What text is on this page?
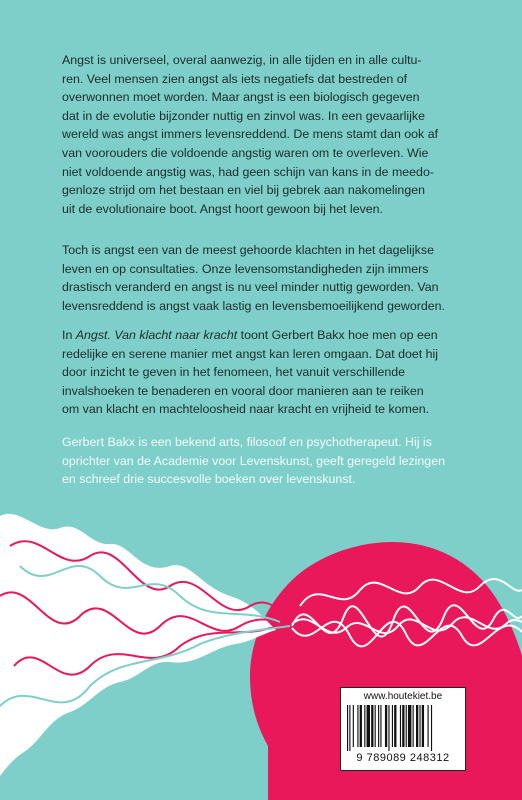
Angst is universeel, overal aanwezig, in alle tijden en in alle cultu-
ren. Veel mensen zien angst als iets negatiefs dat bestreden of
overwonnen moet worden. Maar angst is een biologisch gegeven
dat in de evolutie bijzonder nuttig en zinvol was. In een gevaarlijke
wereld was angst immers levensreddend. De mens stamt dan ook af
van voorouders die voldoende angstig waren om te overleven. Wie
niet voldoende angstig was, had geen schijn van kans in de meedo-
genloze strijd om het bestaan en viel bij gebrek aan nakomelingen
uit de evolutionaire boot. Angst hoort gewoon bij het leven.
Toch is angst een van de meest gehoorde klachten in het dagelijkse
leven en op consultaties. Onze levensomstandigheden zijn immers
drastisch veranderd en angst is nu veel minder nuttig geworden. Van
levensreddend is angst vaak lastig en levensbemoeilijkend geworden.
In Angst. Van klacht naar kracht toont Gerbert Bakx hoe men op een
redelijke en serene manier met angst kan leren omgaan. Dat doet hij
door inzicht te geven in het fenomeen, het vanuit verschillende
invalshoeken te benaderen en vooral door manieren aan te reiken
om van klacht en machteloosheid naar kracht en vrijheid te komen.
Gerbert Bakx is een bekend arts, filosoof en psychotherapeut. Hij is
oprichter van de Academie voor Levenskunst, geeft geregeld lezingen
en schreef drie succesvolle boeken over levenskunst.
www.houtekiet.be
9 789089 248312
